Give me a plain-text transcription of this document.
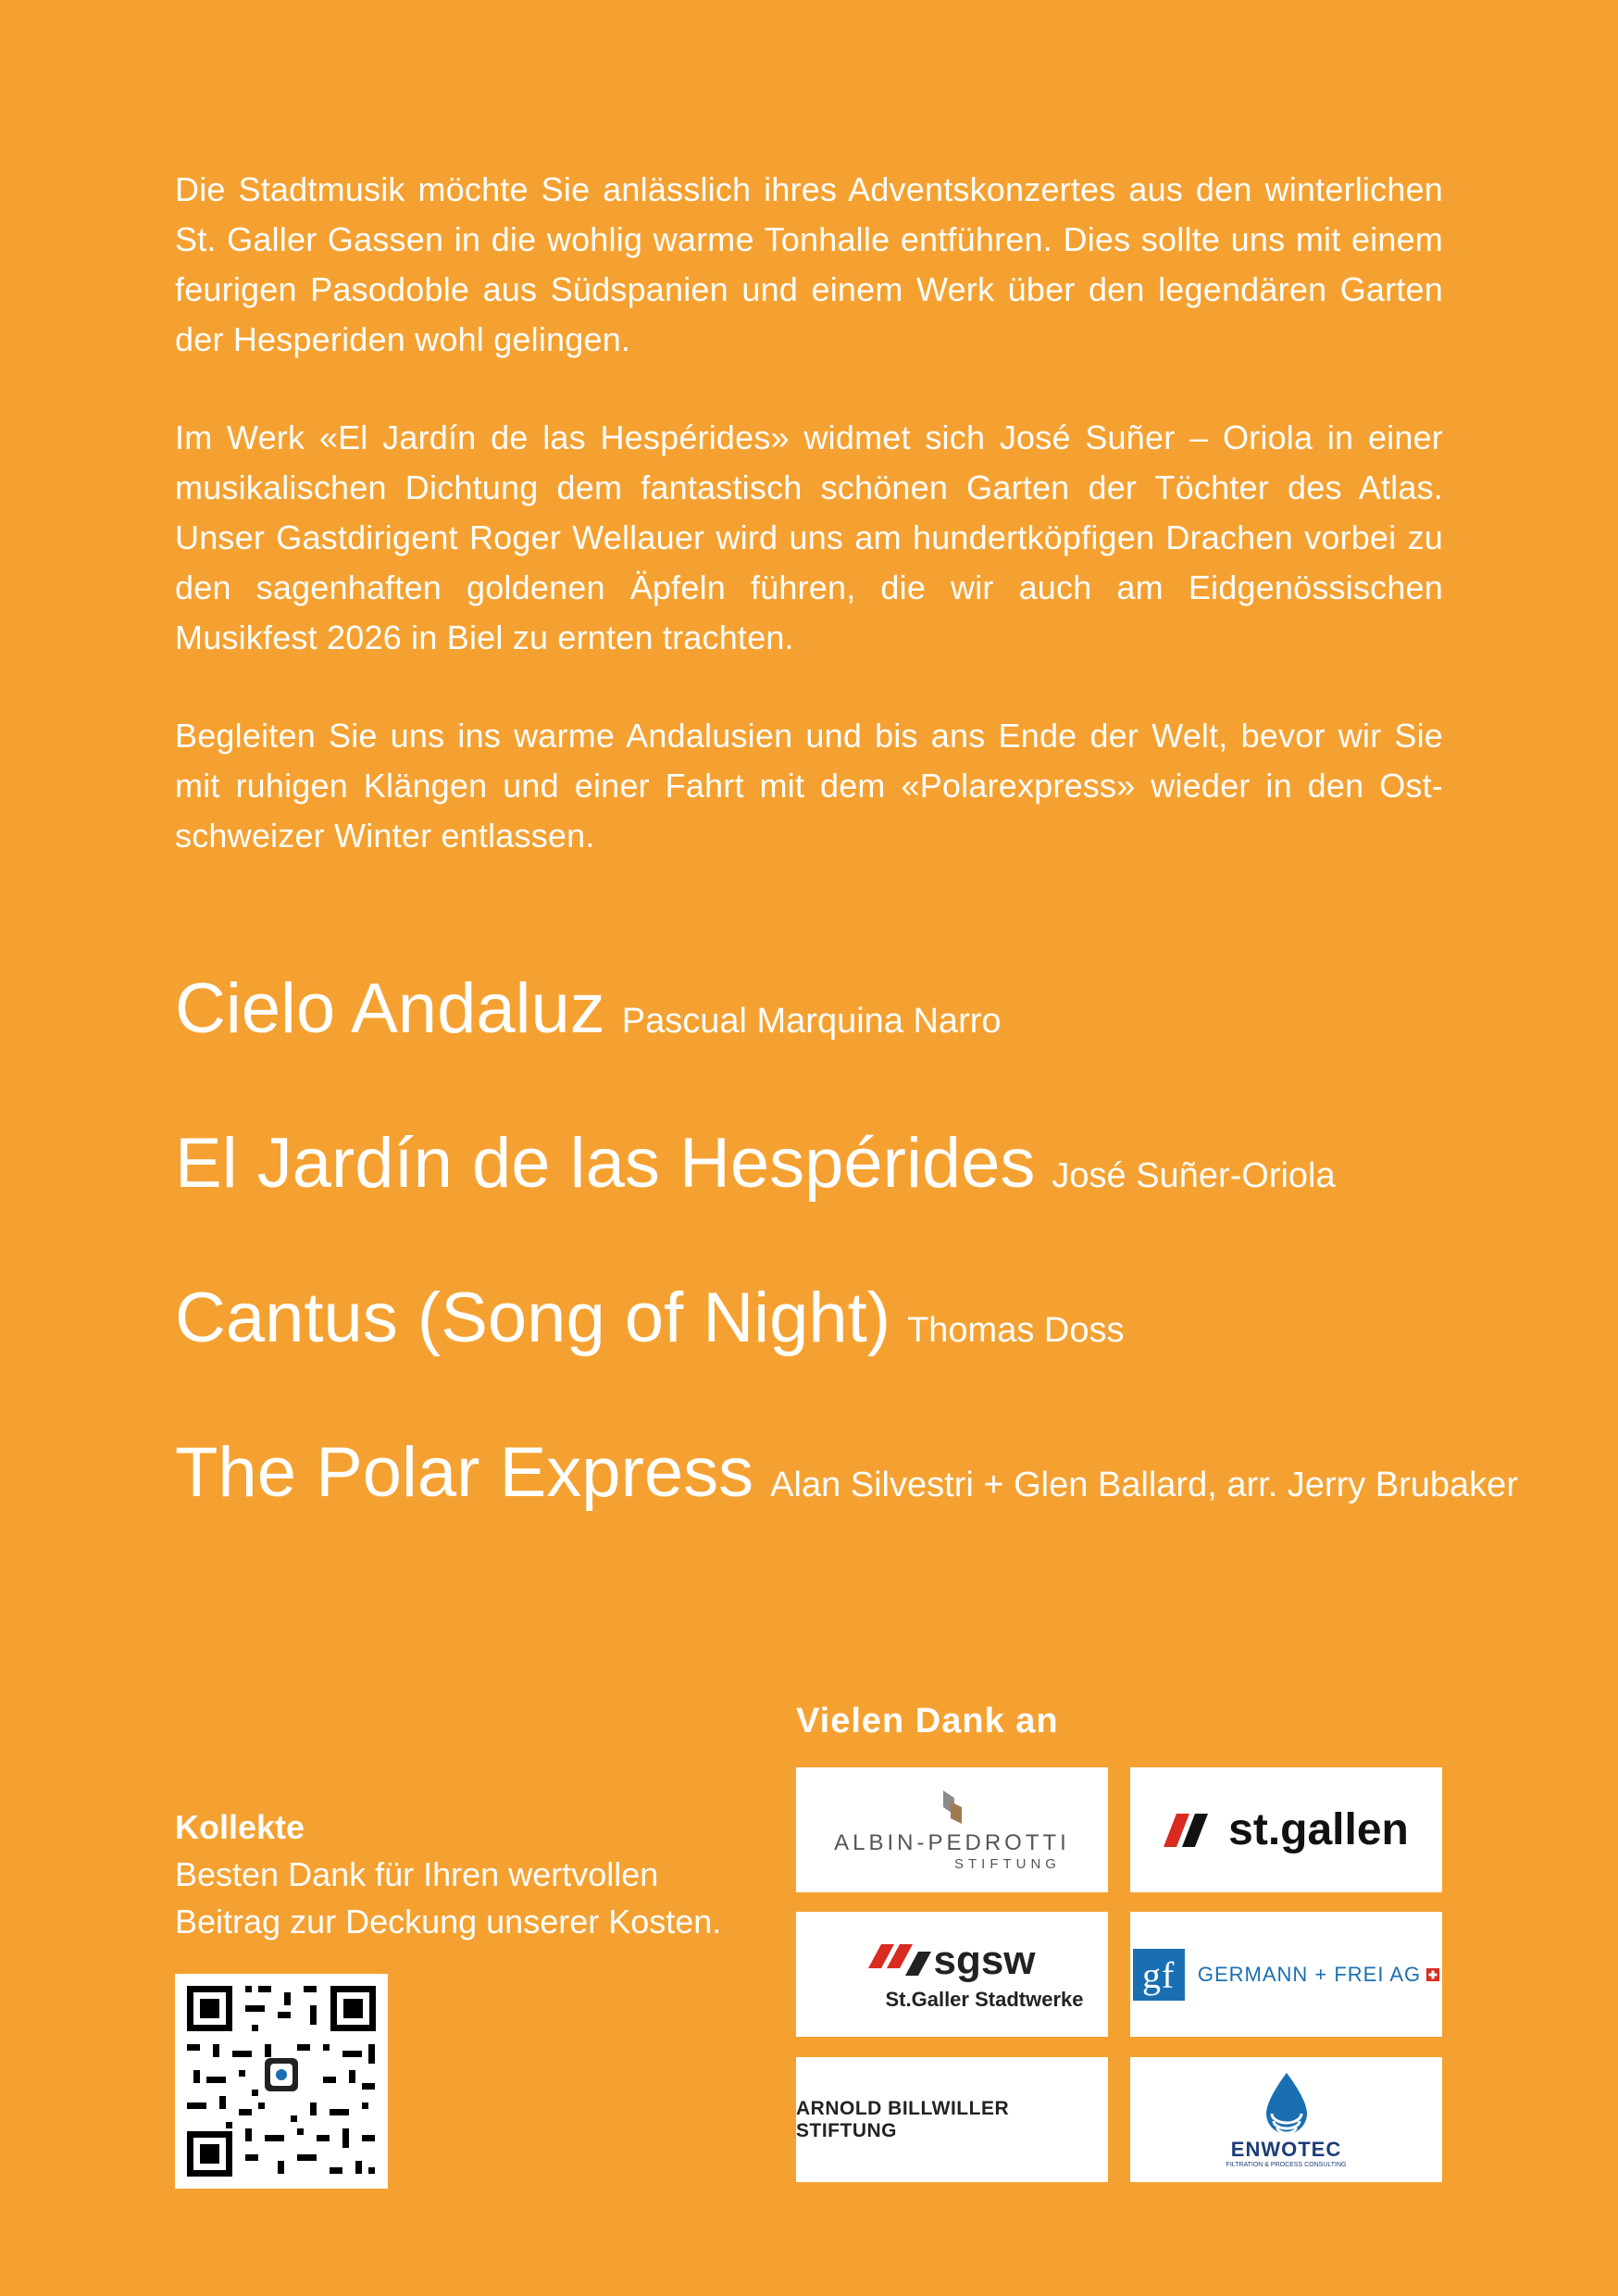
Die Stadtmusik möchte Sie anlässlich ihres Adventskonzertes aus den winterlichen St. Galler Gassen in die wohlig warme Tonhalle entführen. Dies sollte uns mit einem feurigen Pasodoble aus Südspanien und einem Werk über den legendären Garten der Hesperiden wohl gelingen.

Im Werk «El Jardín de las Hespérides» widmet sich José Suñer – Oriola in einer musikalischen Dichtung dem fantastisch schönen Garten der Töchter des Atlas. Unser Gastdirigent Roger Wellauer wird uns am hundertköpfigen Drachen vorbei zu den sagenhaften goldenen Äpfeln führen, die wir auch am Eidgenössischen Musikfest 2026 in Biel zu ernten trachten.

Begleiten Sie uns ins warme Andalusien und bis ans Ende der Welt, bevor wir Sie mit ruhigen Klängen und einer Fahrt mit dem «Polarexpress» wieder in den Ost-schweizer Winter entlassen.

Cielo Andaluz Pascual Marquina Narro
El Jardín de las Hespérides José Suñer-Oriola
Cantus (Song of Night) Thomas Doss
The Polar Express Alan Silvestri + Glen Ballard, arr. Jerry Brubaker
Vielen Dank an
Kollekte
Besten Dank für Ihren wertvollen
Beitrag zur Deckung unserer Kosten.
ALBIN-PEDROTTI
STIFTUNG
st.gallen
sgsw
St.Galler Stadtwerke
gf GERMANN + FREI AG
ARNOLD BILLWILLER STIFTUNG
ENWOTEC
FILTRATION & PROCESS CONSULTING
